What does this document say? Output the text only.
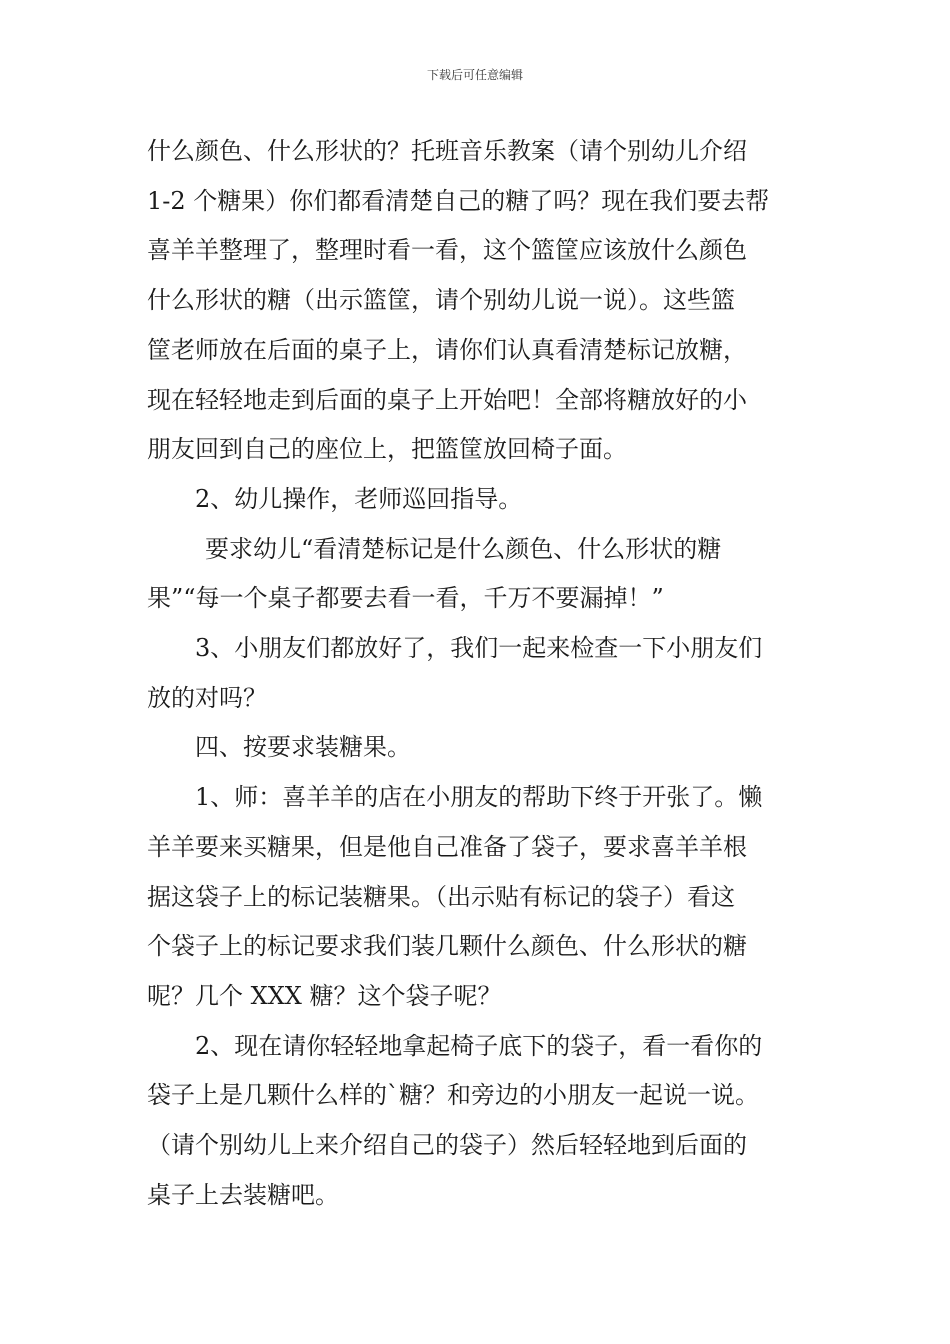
下载后可任意编辑

什么颜色、什么形状的？托班音乐教案（请个别幼儿介绍
1-2 个糖果）你们都看清楚自己的糖了吗？现在我们要去帮
喜羊羊整理了，整理时看一看，这个篮筐应该放什么颜色
什么形状的糖（出示篮筐，请个别幼儿说一说）。这些篮
筐老师放在后面的桌子上，请你们认真看清楚标记放糖，
现在轻轻地走到后面的桌子上开始吧！全部将糖放好的小
朋友回到自己的座位上，把篮筐放回椅子面。

2、幼儿操作，老师巡回指导。

要求幼儿“看清楚标记是什么颜色、什么形状的糖
果”“每一个桌子都要去看一看，千万不要漏掉！”

3、小朋友们都放好了，我们一起来检查一下小朋友们
放的对吗？

四、按要求装糖果。

1、师：喜羊羊的店在小朋友的帮助下终于开张了。懒
羊羊要来买糖果，但是他自己准备了袋子，要求喜羊羊根
据这袋子上的标记装糖果。（出示贴有标记的袋子）看这
个袋子上的标记要求我们装几颗什么颜色、什么形状的糖
呢？几个 XXX 糖？这个袋子呢？

2、现在请你轻轻地拿起椅子底下的袋子，看一看你的
袋子上是几颗什么样的`糖？和旁边的小朋友一起说一说。
（请个别幼儿上来介绍自己的袋子）然后轻轻地到后面的
桌子上去装糖吧。
